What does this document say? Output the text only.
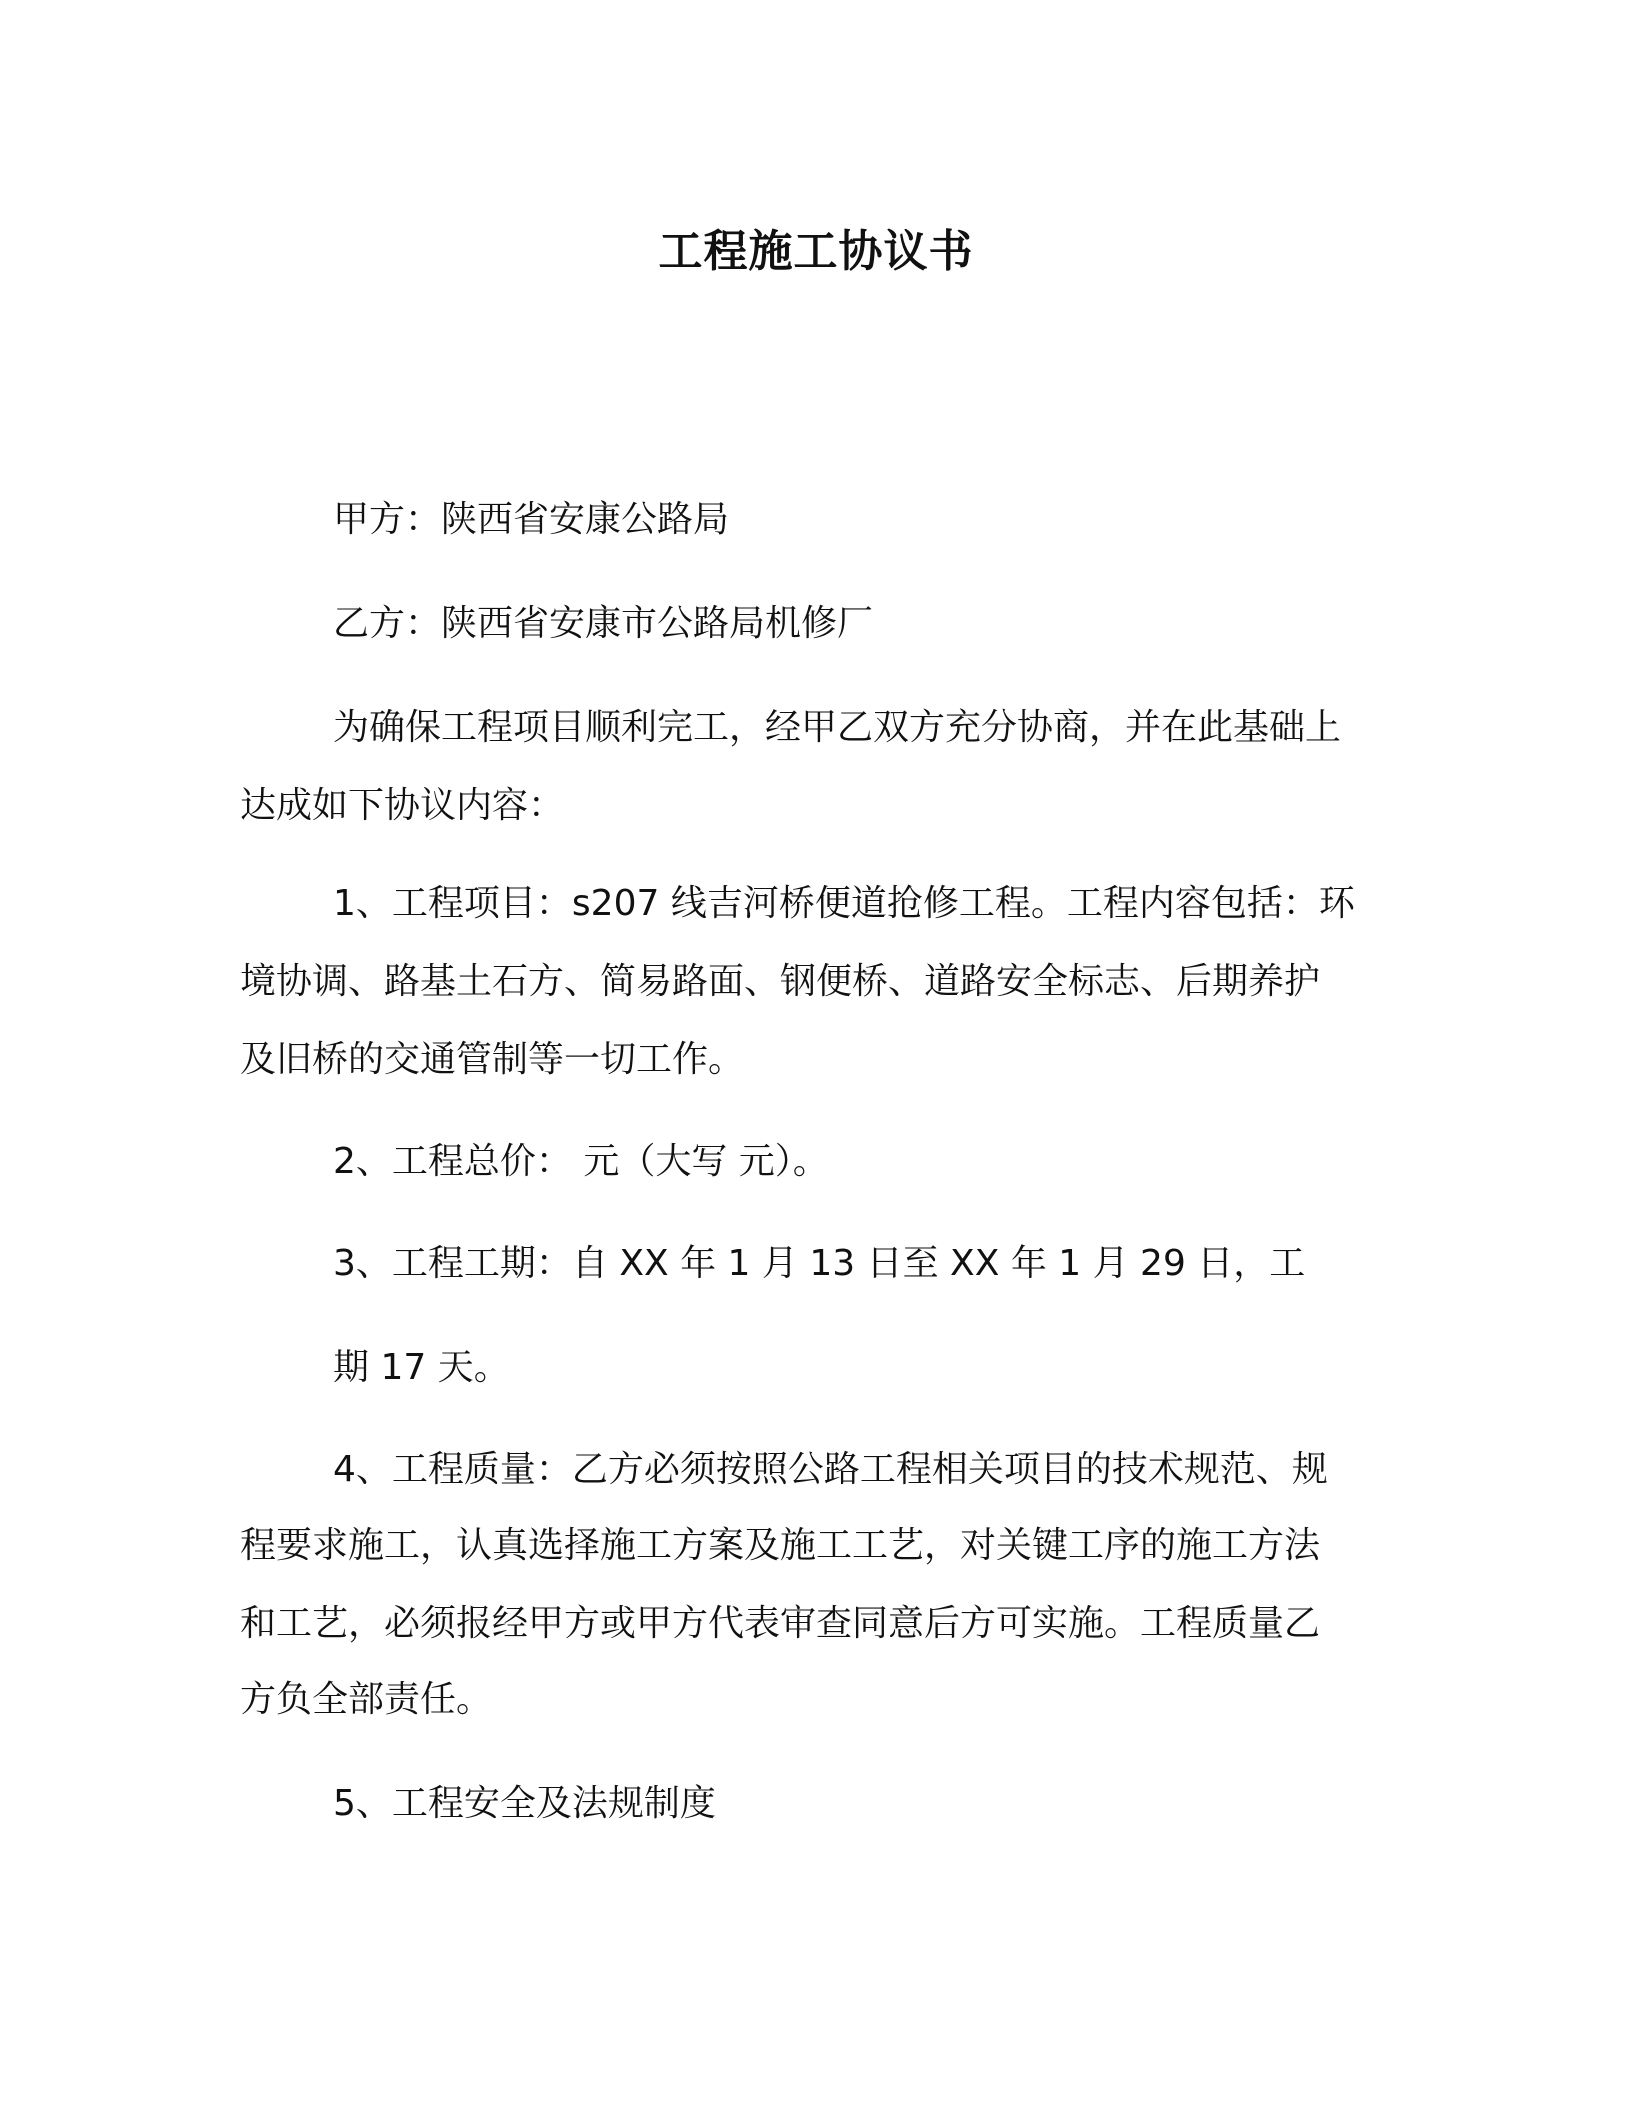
工程施工协议书

甲方：陕西省安康公路局

乙方：陕西省安康市公路局机修厂

为确保工程项目顺利完工，经甲乙双方充分协商，并在此基础上

达成如下协议内容：

1、工程项目：s207 线吉河桥便道抢修工程。工程内容包括：环

境协调、路基土石方、简易路面、钢便桥、道路安全标志、后期养护

及旧桥的交通管制等一切工作。

2、工程总价： 元（大写 元）。

3、工程工期：自 XX 年 1 月 13 日至 XX 年 1 月 29 日，工

期 17 天。

4、工程质量：乙方必须按照公路工程相关项目的技术规范、规

程要求施工，认真选择施工方案及施工工艺，对关键工序的施工方法

和工艺，必须报经甲方或甲方代表审查同意后方可实施。工程质量乙

方负全部责任。

5、工程安全及法规制度
